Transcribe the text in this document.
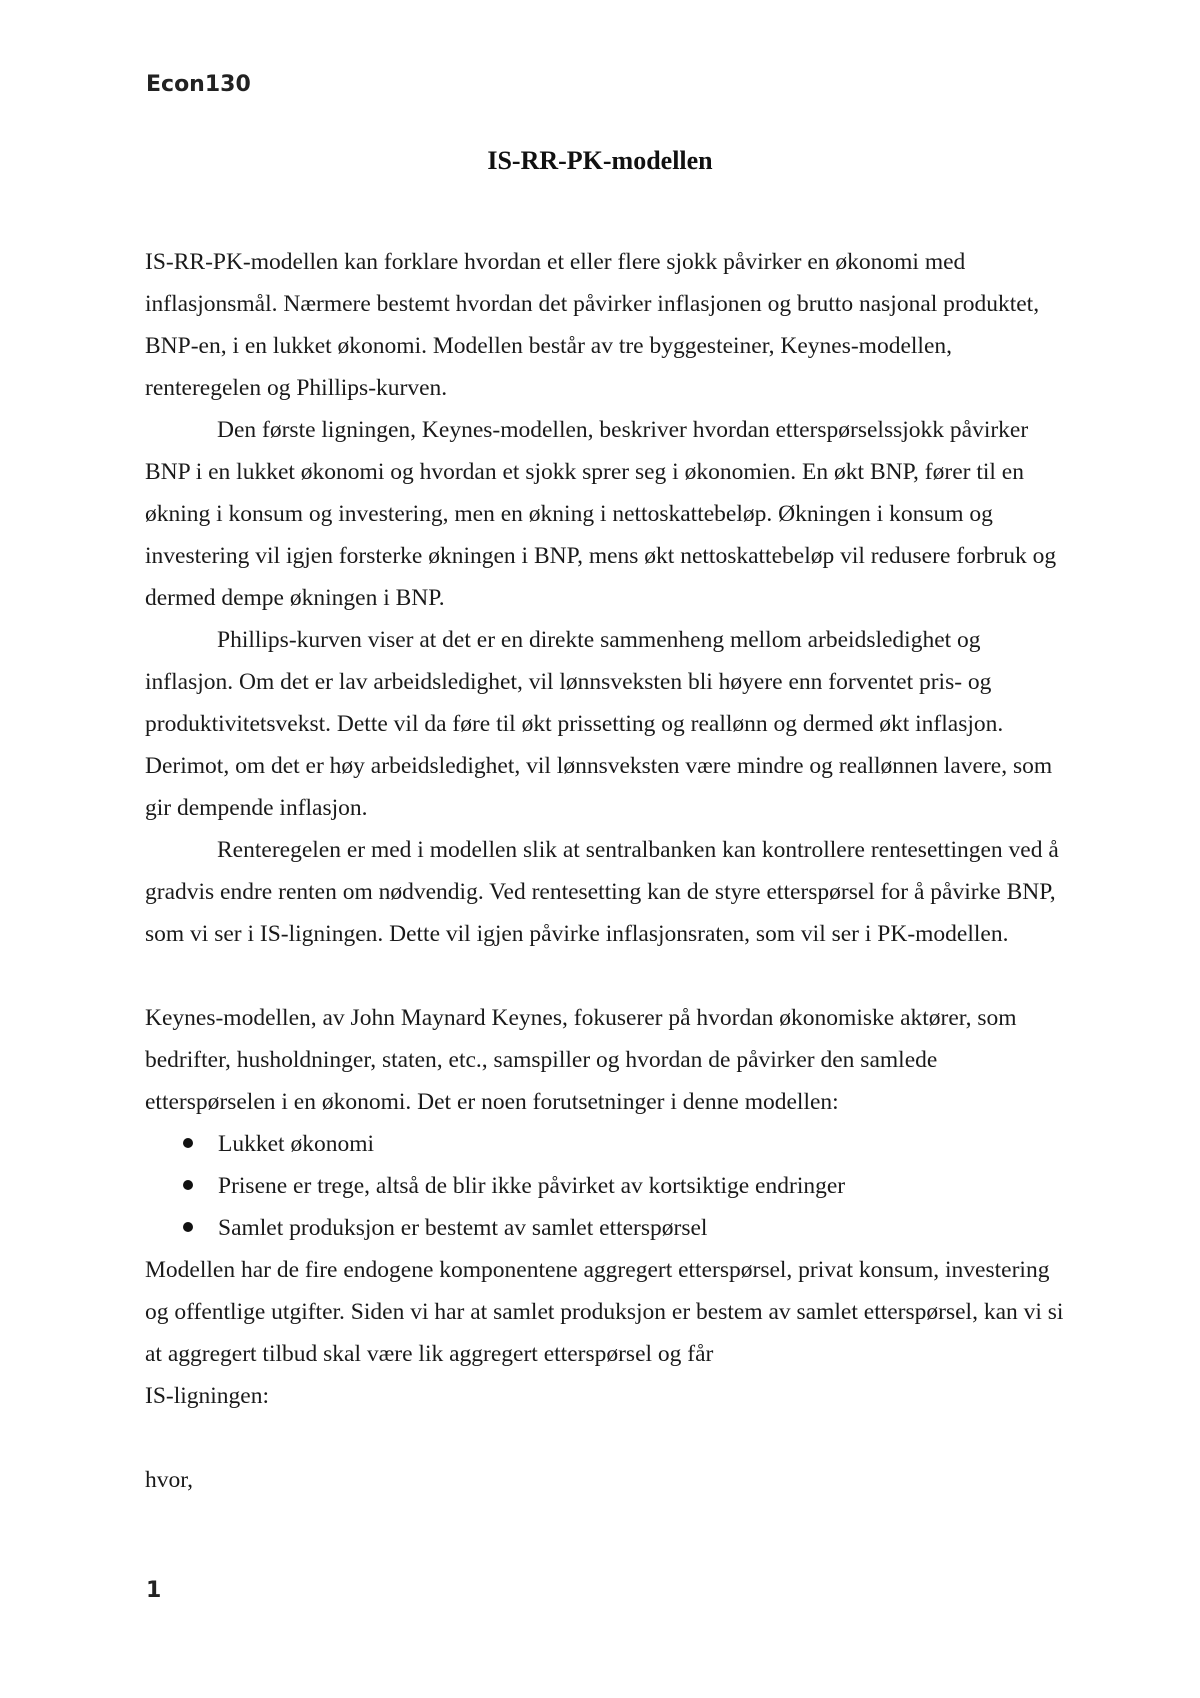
Econ130
IS-RR-PK-modellen

IS-RR-PK-modellen kan forklare hvordan et eller flere sjokk påvirker en økonomi med inflasjonsmål. Nærmere bestemt hvordan det påvirker inflasjonen og brutto nasjonal produktet, BNP-en, i en lukket økonomi. Modellen består av tre byggesteiner, Keynes-modellen, renteregelen og Phillips-kurven.

Den første ligningen, Keynes-modellen, beskriver hvordan etterspørselssjokk påvirker BNP i en lukket økonomi og hvordan et sjokk sprer seg i økonomien. En økt BNP, fører til en økning i konsum og investering, men en økning i nettoskattebeløp. Økningen i konsum og investering vil igjen forsterke økningen i BNP, mens økt nettoskattebeløp vil redusere forbruk og dermed dempe økningen i BNP.

Phillips-kurven viser at det er en direkte sammenheng mellom arbeidsledighet og inflasjon. Om det er lav arbeidsledighet, vil lønnsveksten bli høyere enn forventet pris- og produktivitetsvekst. Dette vil da føre til økt prissetting og reallønn og dermed økt inflasjon. Derimot, om det er høy arbeidsledighet, vil lønnsveksten være mindre og reallønnen lavere, som gir dempende inflasjon.

Renteregelen er med i modellen slik at sentralbanken kan kontrollere rentesettingen ved å gradvis endre renten om nødvendig. Ved rentesetting kan de styre etterspørsel for å påvirke BNP, som vi ser i IS-ligningen. Dette vil igjen påvirke inflasjonsraten, som vil ser i PK-modellen.

Keynes-modellen, av John Maynard Keynes, fokuserer på hvordan økonomiske aktører, som bedrifter, husholdninger, staten, etc., samspiller og hvordan de påvirker den samlede etterspørselen i en økonomi. Det er noen forutsetninger i denne modellen:

Lukket økonomi
Prisene er trege, altså de blir ikke påvirket av kortsiktige endringer
Samlet produksjon er bestemt av samlet etterspørsel

Modellen har de fire endogene komponentene aggregert etterspørsel, privat konsum, investering og offentlige utgifter. Siden vi har at samlet produksjon er bestem av samlet etterspørsel, kan vi si at aggregert tilbud skal være lik aggregert etterspørsel og får

IS-ligningen:

hvor,

1
